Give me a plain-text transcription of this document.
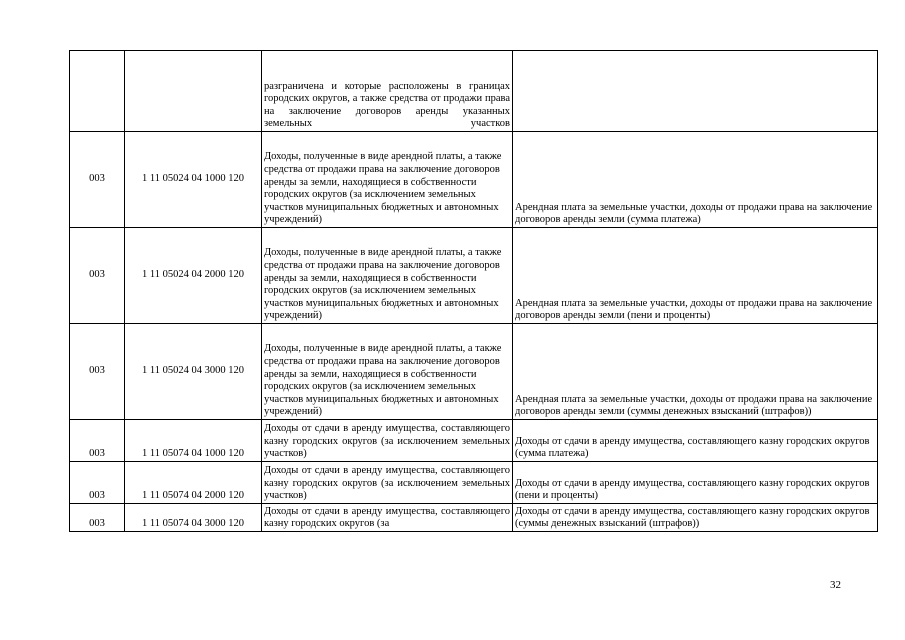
		разграничена и которые расположены в границах городских округов, а также средства от продажи права на заключение договоров аренды указанных земельных участков	
003	1 11 05024 04 1000 120	Доходы, полученные в виде арендной платы, а также средства от продажи права на заключение договоров аренды за земли, находящиеся в собственности городских округов (за исключением земельных участков муниципальных бюджетных и автономных учреждений)	Арендная плата за земельные участки, доходы от продажи права на заключение договоров аренды земли (сумма платежа)
003	1 11 05024 04 2000 120	Доходы, полученные в виде арендной платы, а также средства от продажи права на заключение договоров аренды за земли, находящиеся в собственности городских округов (за исключением земельных участков муниципальных бюджетных и автономных учреждений)	Арендная плата за земельные участки, доходы от продажи права на заключение договоров аренды земли (пени и проценты)
003	1 11 05024 04 3000 120	Доходы, полученные в виде арендной платы, а также средства от продажи права на заключение договоров аренды за земли, находящиеся в собственности городских округов (за исключением земельных участков муниципальных бюджетных и автономных учреждений)	Арендная плата за земельные участки, доходы от продажи права на заключение договоров аренды земли (суммы денежных взысканий (штрафов))
003	1 11 05074 04 1000 120	Доходы от сдачи в аренду имущества, составляющего казну городских округов (за исключением земельных участков)	Доходы от сдачи в аренду имущества, составляющего казну городских округов (сумма платежа)
003	1 11 05074 04 2000 120	Доходы от сдачи в аренду имущества, составляющего казну городских округов (за исключением земельных участков)	Доходы от сдачи в аренду имущества, составляющего казну городских округов (пени и проценты)
003	1 11 05074 04 3000 120	Доходы от сдачи в аренду имущества, составляющего казну городских округов (за	Доходы от сдачи в аренду имущества, составляющего казну городских округов (суммы денежных взысканий (штрафов))
32
